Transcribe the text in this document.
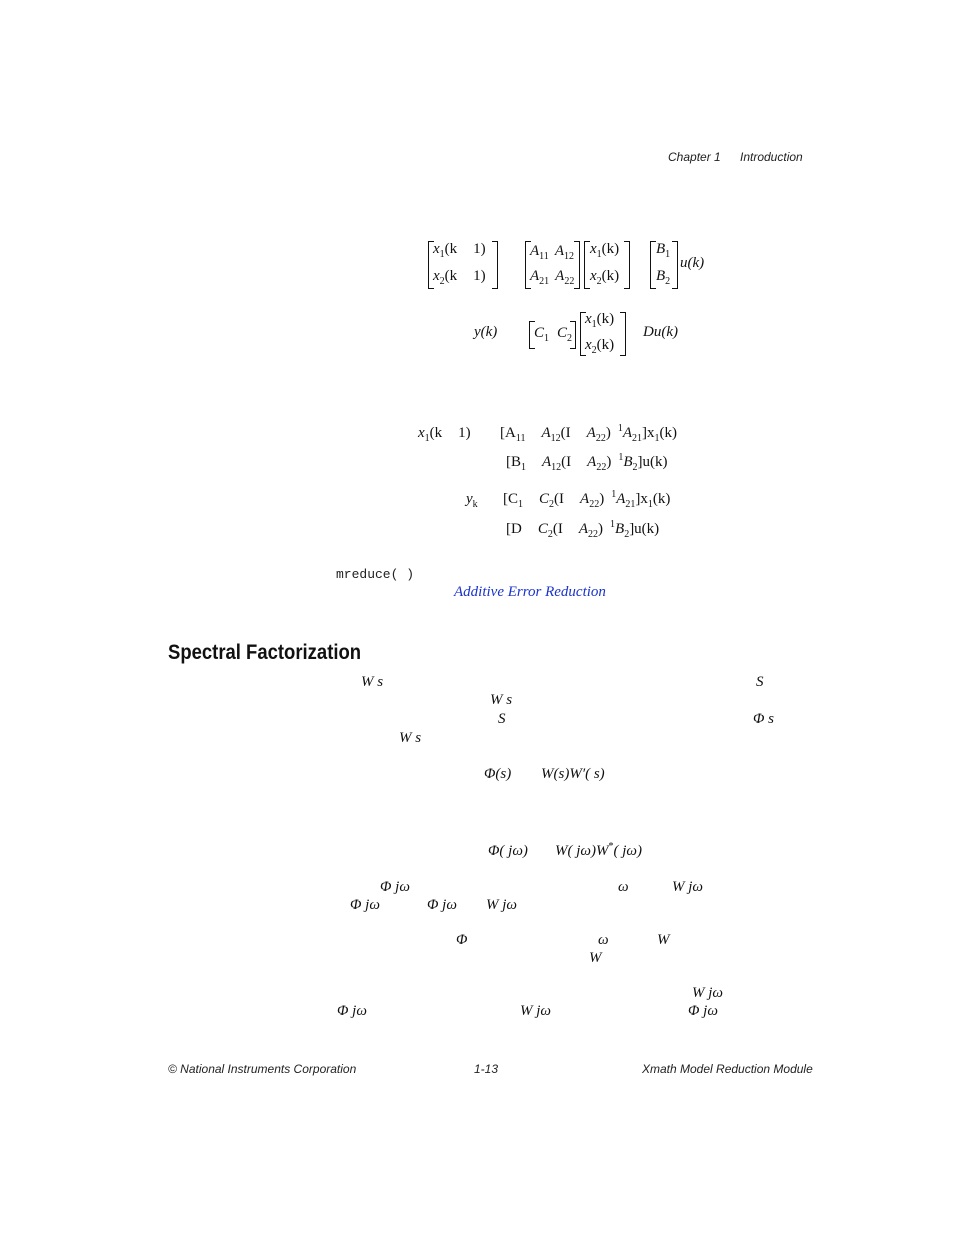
Chapter 1 Introduction
$x_1(k$ 1)
$x_2(k$ 1)
$A_{11}$ $A_{12}$
$A_{21}$ $A_{22}$
$x_1(k)$
$x_2(k)$
$B_1$
$B_2$
u(k)
y(k) $C_1$ $C_2$
$x_1(k)$
$x_2(k)$
Du(k)
$x_1(k$ 1) [$A_{11}$ $A_{12}(I$ $A_{22}$) $^1A_{21}]x_1(k)$
[$B_1$ $A_{12}(I$ $A_{22}$) $^1B_2]u(k)$
$y_k$ [$C_1$ $C_2(I$ $A_{22}$) $^1A_{21}]x_1(k)$
[D $C_2(I$ $A_{22}$) $^1B_2]u(k)$
mreduce( )
Additive Error Reduction
Spectral Factorization
W s	S
W s
S	Φ s
W s
Φ(s) W(s)W′( s)
Φ( jω) W( jω)W*( jω)
Φ jω	ω	W jω
Φ jω	Φ jω W jω
Φ	ω	W
W
W jω
Φ jω	W jω	Φ jω
© National Instruments Corporation	1-13	Xmath Model Reduction Module
